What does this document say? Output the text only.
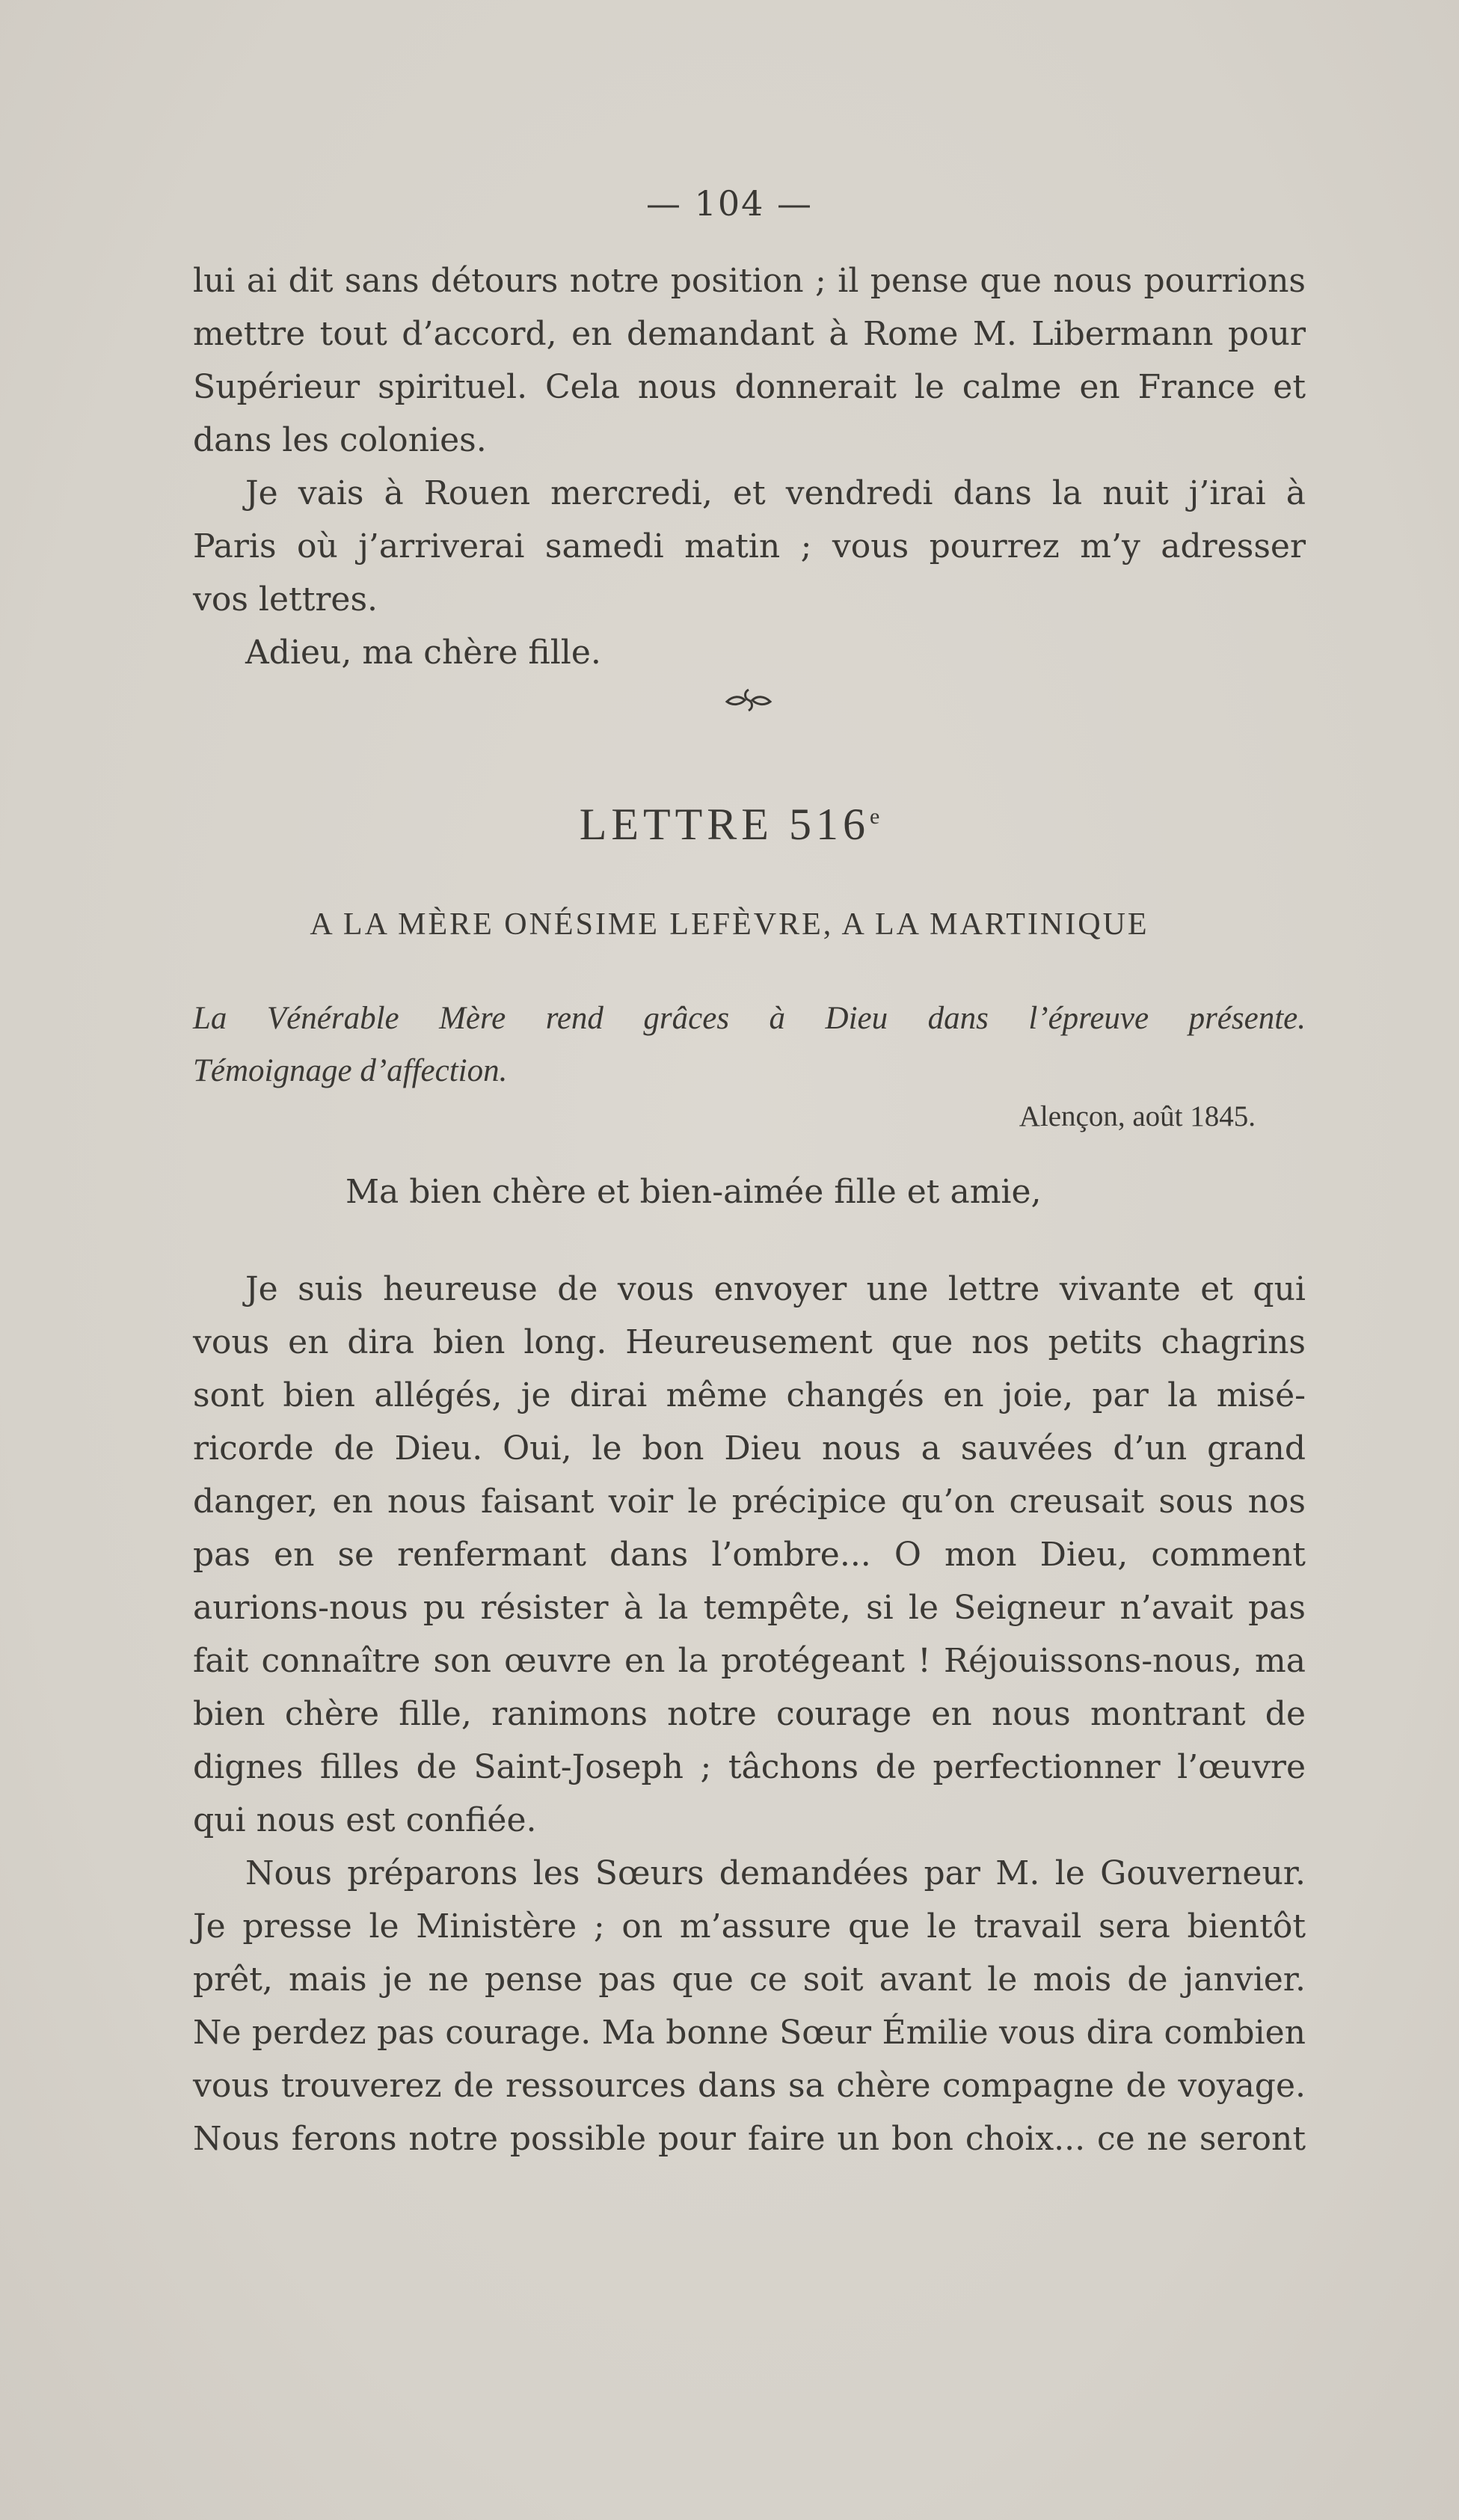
— 104 —
lui ai dit sans détours notre position ; il pense que nous pourrions
mettre tout d’accord, en demandant à Rome M. Libermann pour
Supérieur spirituel. Cela nous donnerait le calme en France et
dans les colonies.
Je vais à Rouen mercredi, et vendredi dans la nuit j’irai à
Paris où j’arriverai samedi matin ; vous pourrez m’y adresser
vos lettres.
Adieu, ma chère fille.
LETTRE 516e
A LA MÈRE ONÉSIME LEFÈVRE, A LA MARTINIQUE
La Vénérable Mère rend grâces à Dieu dans l’épreuve présente.
Témoignage d’affection.
Alençon, août 1845.
Ma bien chère et bien-aimée fille et amie,
Je suis heureuse de vous envoyer une lettre vivante et qui
vous en dira bien long. Heureusement que nos petits chagrins
sont bien allégés, je dirai même changés en joie, par la misé-
ricorde de Dieu. Oui, le bon Dieu nous a sauvées d’un grand
danger, en nous faisant voir le précipice qu’on creusait sous nos
pas en se renfermant dans l’ombre... O mon Dieu, comment
aurions-nous pu résister à la tempête, si le Seigneur n’avait pas
fait connaître son œuvre en la protégeant ! Réjouissons-nous, ma
bien chère fille, ranimons notre courage en nous montrant de
dignes filles de Saint-Joseph ; tâchons de perfectionner l’œuvre
qui nous est confiée.
Nous préparons les Sœurs demandées par M. le Gouverneur.
Je presse le Ministère ; on m’assure que le travail sera bientôt
prêt, mais je ne pense pas que ce soit avant le mois de janvier.
Ne perdez pas courage. Ma bonne Sœur Émilie vous dira combien
vous trouverez de ressources dans sa chère compagne de voyage.
Nous ferons notre possible pour faire un bon choix... ce ne seront
